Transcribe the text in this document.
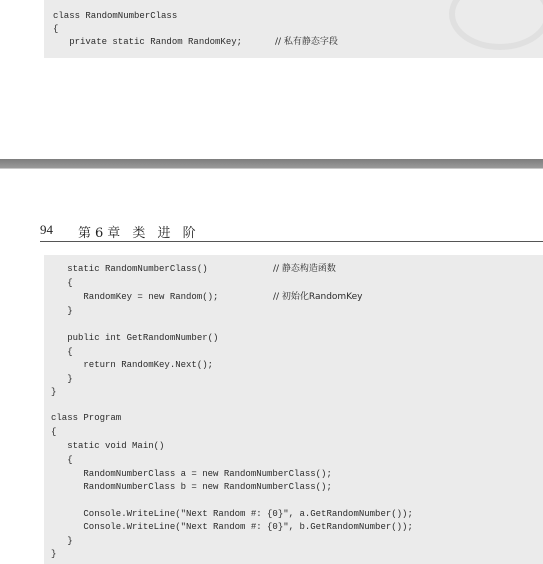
class RandomNumberClass
{
private static Random RandomKey;	// 私有静态字段
94 第6章 类 进 阶
static RandomNumberClass()
{
RandomKey = new Random();
}
public int GetRandomNumber()
{
return RandomKey.Next();
}
}
class Program
{
static void Main()
{
RandomNumberClass a = new RandomNumberClass();
RandomNumberClass b = new RandomNumberClass();
Console.WriteLine("Next Random #: {0}", a.GetRandomNumber());
Console.WriteLine("Next Random #: {0}", b.GetRandomNumber());
}
}
// 静态构造函数
// 初始化RandomKey
